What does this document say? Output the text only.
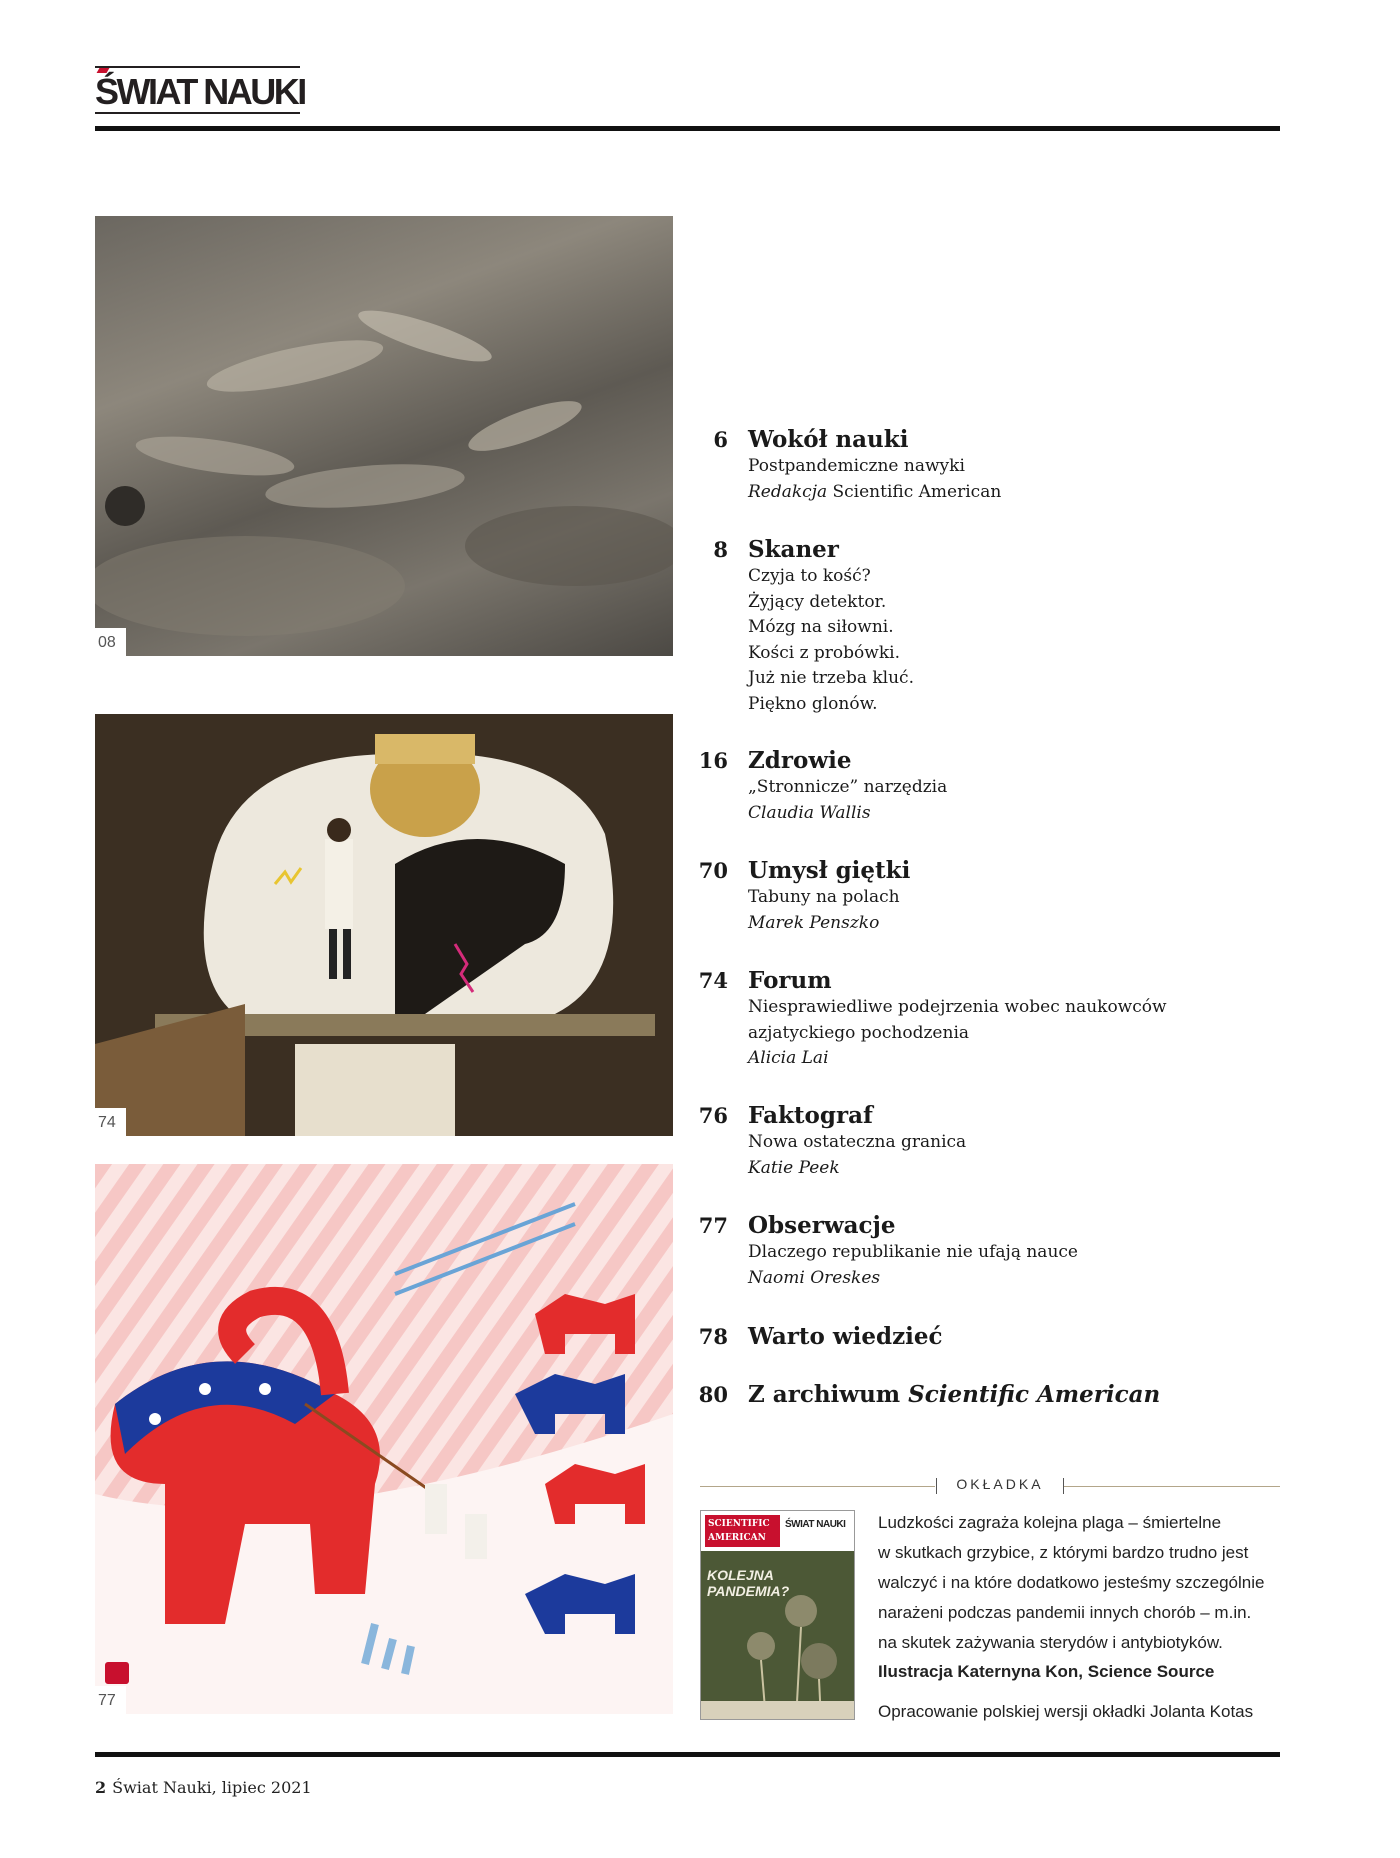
ŚWIAT NAUKI
08
74
77
6 Wokół nauki
Postpandemiczne nawyki
Redakcja Scientific American
8 Skaner
Czyja to kość?
Żyjący detektor.
Mózg na siłowni.
Kości z probówki.
Już nie trzeba kluć.
Piękno glonów.
16 Zdrowie
„Stronnicze” narzędzia
Claudia Wallis
70 Umysł giętki
Tabuny na polach
Marek Penszko
74 Forum
Niesprawiedliwe podejrzenia wobec naukowców
azjatyckiego pochodzenia
Alicia Lai
76 Faktograf
Nowa ostateczna granica
Katie Peek
77 Obserwacje
Dlaczego republikanie nie ufają nauce
Naomi Oreskes
78 Warto wiedzieć
80 Z archiwum Scientific American
OKŁADKA
SCIENTIFIC AMERICAN
ŚWIAT NAUKI
KOLEJNA
PANDEMIA?
Ludzkości zagraża kolejna plaga – śmiertelne
w skutkach grzybice, z którymi bardzo trudno jest
walczyć i na które dodatkowo jesteśmy szczególnie
narażeni podczas pandemii innych chorób – m.in.
na skutek zażywania sterydów i antybiotyków.
Ilustracja Katernyna Kon, Science Source
Opracowanie polskiej wersji okładki Jolanta Kotas
2 Świat Nauki, lipiec 2021
